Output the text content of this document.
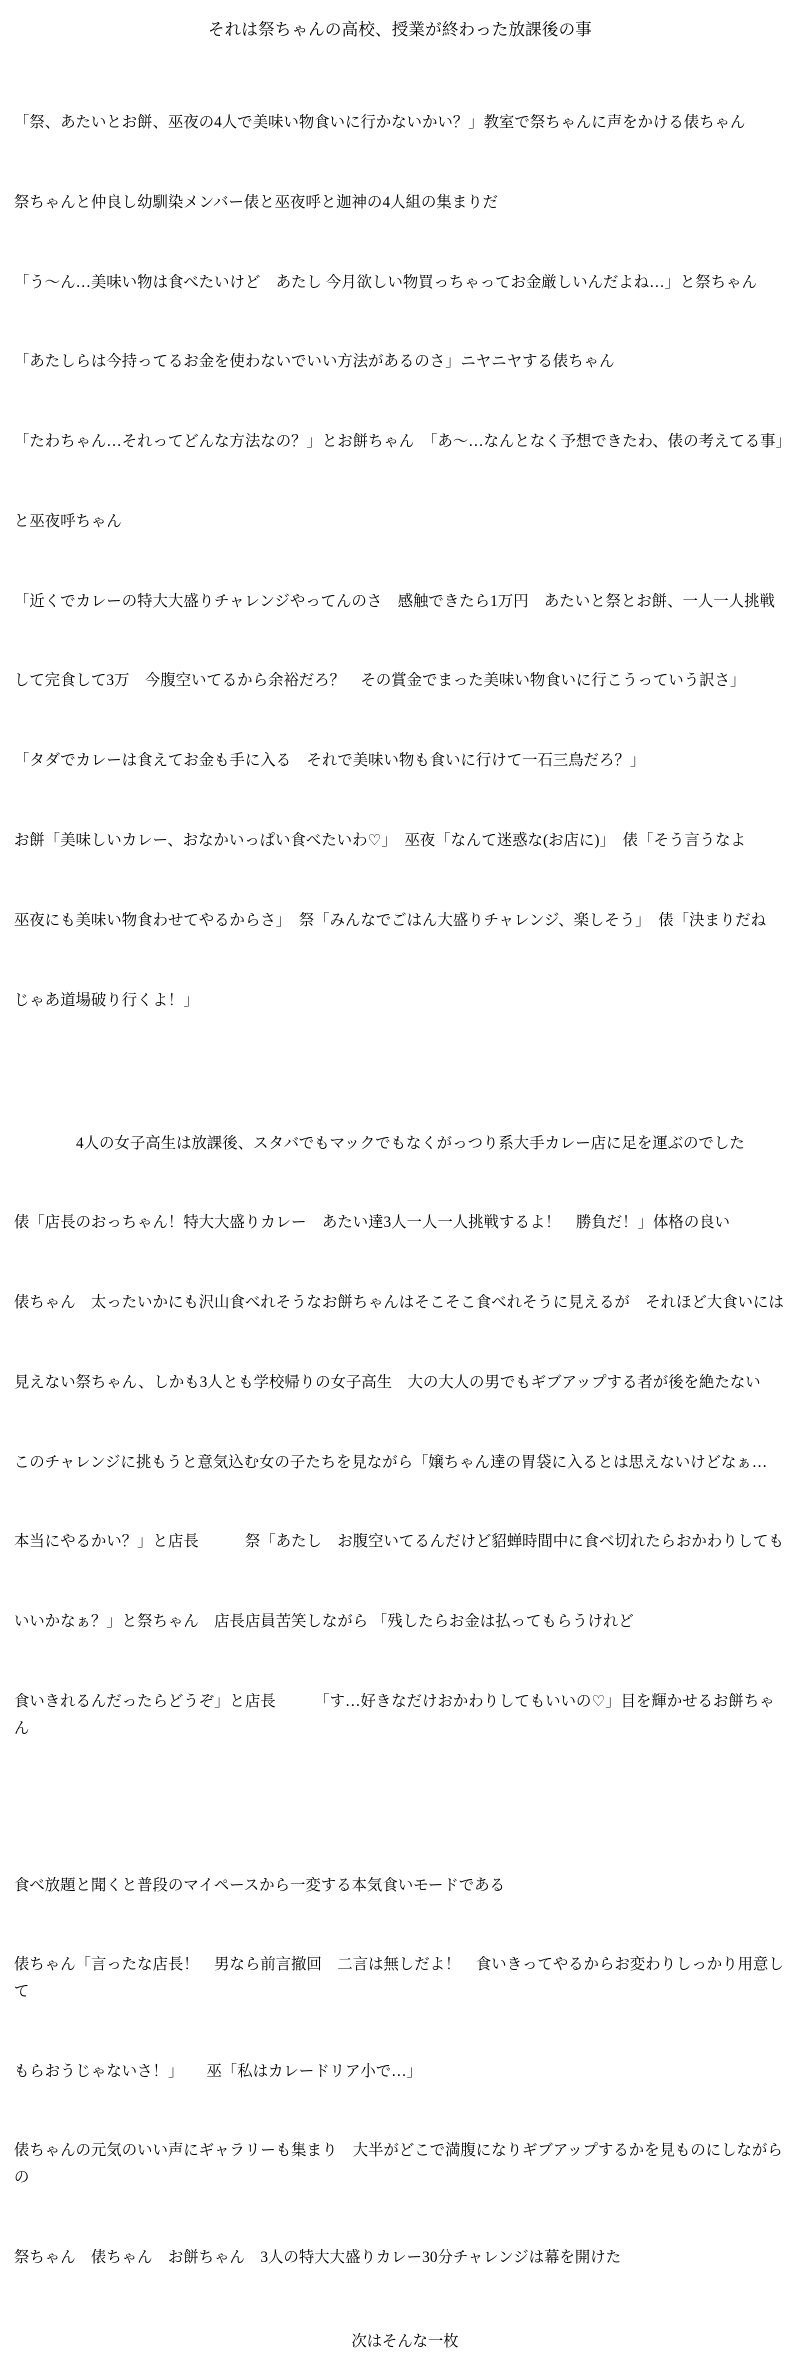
それは祭ちゃんの高校、授業が終わった放課後の事

「祭、あたいとお餅、巫夜の4人で美味い物食いに行かないかい？」教室で祭ちゃんに声をかける俵ちゃん

祭ちゃんと仲良し幼馴染メンバー俵と巫夜呼と迦神の4人組の集まりだ

「う～ん…美味い物は食べたいけど　あたし 今月欲しい物買っちゃってお金厳しいんだよね…」と祭ちゃん

「あたしらは今持ってるお金を使わないでいい方法があるのさ」ニヤニヤする俵ちゃん

「たわちゃん…それってどんな方法なの？」とお餅ちゃん　「あ～…なんとなく予想できたわ、俵の考えてる事」

と巫夜呼ちゃん

「近くでカレーの特大大盛りチャレンジやってんのさ　感触できたら1万円　あたいと祭とお餅、一人一人挑戦

して完食して3万　今腹空いてるから余裕だろ？　その賞金でまった美味い物食いに行こうっていう訳さ」

「タダでカレーは食えてお金も手に入る　それで美味い物も食いに行けて一石三鳥だろ？」

お餅「美味しいカレー、おなかいっぱい食べたいわ♡」　巫夜「なんて迷惑な(お店に)」　俵「そう言うなよ

巫夜にも美味い物食わせてやるからさ」　祭「みんなでごはん大盛りチャレンジ、楽しそう」　俵「決まりだね

じゃあ道場破り行くよ！」

4人の女子高生は放課後、スタバでもマックでもなくがっつり系大手カレー店に足を運ぶのでした

俵「店長のおっちゃん！特大大盛りカレー　あたい達3人一人一人挑戦するよ！　勝負だ！」体格の良い

俵ちゃん　太ったいかにも沢山食べれそうなお餅ちゃんはそこそこ食べれそうに見えるが　それほど大食いには

見えない祭ちゃん、しかも3人とも学校帰りの女子高生　大の大人の男でもギブアップする者が後を絶たない

このチャレンジに挑もうと意気込む女の子たちを見ながら「嬢ちゃん達の胃袋に入るとは思えないけどなぁ…

本当にやるかい？」と店長　　　祭「あたし　お腹空いてるんだけど貂蝉時間中に食べ切れたらおかわりしても

いいかなぁ？」と祭ちゃん　店長店員苦笑しながら 「残したらお金は払ってもらうけれど

食いきれるんだったらどうぞ」と店長　　　「す…好きなだけおかわりしてもいいの♡」目を輝かせるお餅ちゃん

食べ放題と聞くと普段のマイペースから一変する本気食いモードである

俵ちゃん「言ったな店長！　男なら前言撤回　二言は無しだよ！　食いきってやるからお変わりしっかり用意して

もらおうじゃないさ！」　　巫「私はカレードリア小で…」

俵ちゃんの元気のいい声にギャラリーも集まり　大半がどこで満腹になりギブアップするかを見ものにしながらの

祭ちゃん　俵ちゃん　お餅ちゃん　3人の特大大盛りカレー30分チャレンジは幕を開けた

次はそんな一枚
